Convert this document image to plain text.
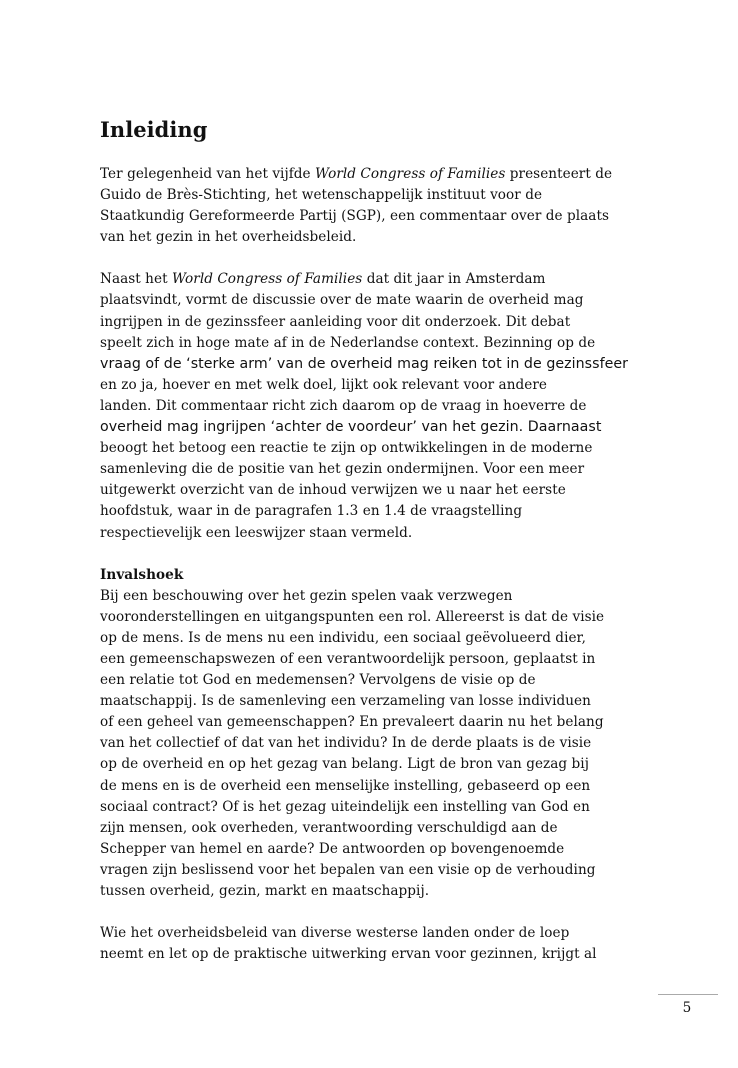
Inleiding
Ter gelegenheid van het vijfde World Congress of Families presenteert de
Guido de Brès-Stichting, het wetenschappelijk instituut voor de
Staatkundig Gereformeerde Partij (SGP), een commentaar over de plaats
van het gezin in het overheidsbeleid.
Naast het World Congress of Families dat dit jaar in Amsterdam
plaatsvindt, vormt de discussie over de mate waarin de overheid mag
ingrijpen in de gezinssfeer aanleiding voor dit onderzoek. Dit debat
speelt zich in hoge mate af in de Nederlandse context. Bezinning op de
vraag of de ‘sterke arm’ van de overheid mag reiken tot in de gezinssfeer
en zo ja, hoever en met welk doel, lijkt ook relevant voor andere
landen. Dit commentaar richt zich daarom op de vraag in hoeverre de
overheid mag ingrijpen ‘achter de voordeur’ van het gezin. Daarnaast
beoogt het betoog een reactie te zijn op ontwikkelingen in de moderne
samenleving die de positie van het gezin ondermijnen. Voor een meer
uitgewerkt overzicht van de inhoud verwijzen we u naar het eerste
hoofdstuk, waar in de paragrafen 1.3 en 1.4 de vraagstelling
respectievelijk een leeswijzer staan vermeld.
Invalshoek
Bij een beschouwing over het gezin spelen vaak verzwegen
vooronderstellingen en uitgangspunten een rol. Allereerst is dat de visie
op de mens. Is de mens nu een individu, een sociaal geëvolueerd dier,
een gemeenschapswezen of een verantwoordelijk persoon, geplaatst in
een relatie tot God en medemensen? Vervolgens de visie op de
maatschappij. Is de samenleving een verzameling van losse individuen
of een geheel van gemeenschappen? En prevaleert daarin nu het belang
van het collectief of dat van het individu? In de derde plaats is de visie
op de overheid en op het gezag van belang. Ligt de bron van gezag bij
de mens en is de overheid een menselijke instelling, gebaseerd op een
sociaal contract? Of is het gezag uiteindelijk een instelling van God en
zijn mensen, ook overheden, verantwoording verschuldigd aan de
Schepper van hemel en aarde? De antwoorden op bovengenoemde
vragen zijn beslissend voor het bepalen van een visie op de verhouding
tussen overheid, gezin, markt en maatschappij.
Wie het overheidsbeleid van diverse westerse landen onder de loep
neemt en let op de praktische uitwerking ervan voor gezinnen, krijgt al
5
